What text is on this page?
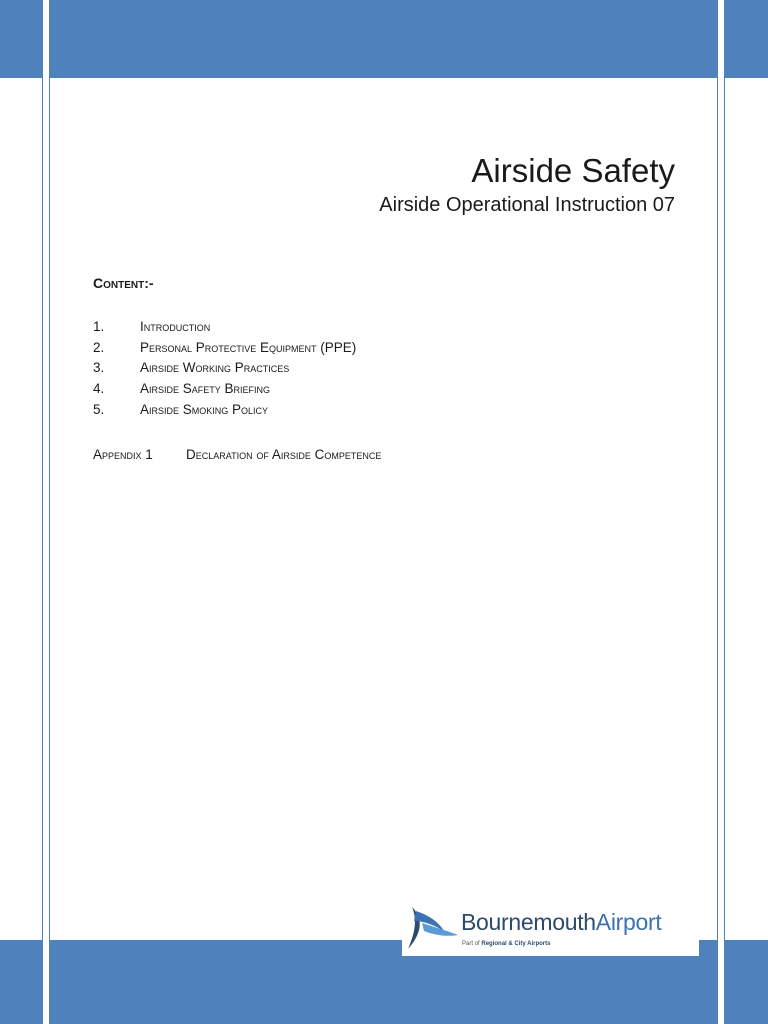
Airside Safety
Airside Operational Instruction 07
Content:-
1.	Introduction
2.	Personal Protective Equipment (PPE)
3.	Airside Working Practices
4.	Airside Safety Briefing
5.	Airside Smoking Policy
Appendix 1	Declaration of Airside Competence
BournemouthAirport
Part of Regional & City Airports
